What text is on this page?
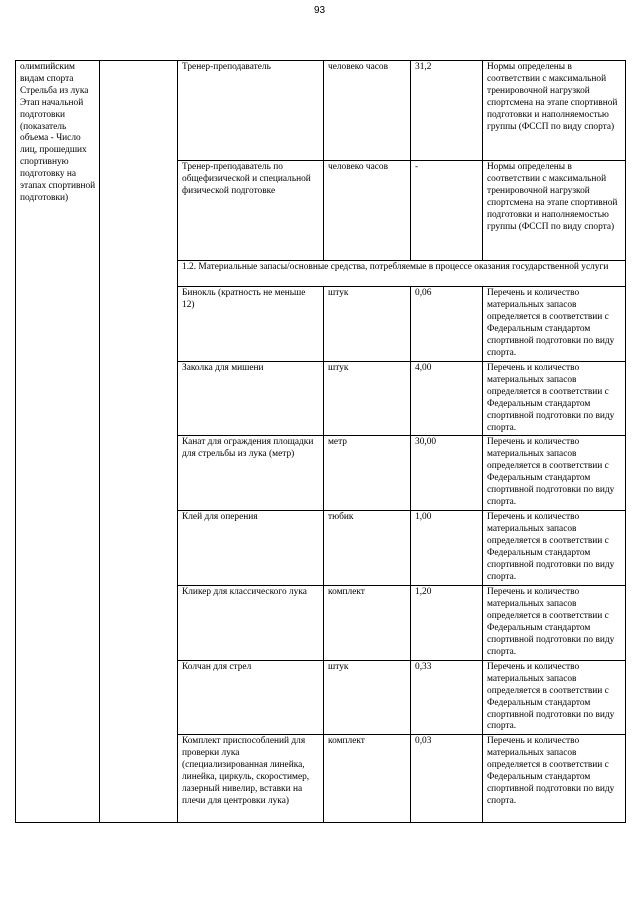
93
олимпийским видам спорта Стрельба из лука Этап начальной подготовки (показатель объема - Число лиц, прошедших спортивную подготовку на этапах спортивной подготовки)		Тренер-преподаватель	человеко часов	31,2	Нормы определены в соответствии с максимальной тренировочной нагрузкой спортсмена на этапе спортивной подготовки и наполняемостью группы (ФССП по виду спорта)
		Тренер-преподаватель по общефизической и специальной физической подготовке	человеко часов	-	Нормы определены в соответствии с максимальной тренировочной нагрузкой спортсмена на этапе спортивной подготовки и наполняемостью группы (ФССП по виду спорта)
		1.2. Материальные запасы/основные средства, потребляемые в процессе оказания государственной услуги			
		Бинокль (кратность не меньше 12)	штук	0,06	Перечень и количество материальных запасов определяется в соответствии с Федеральным стандартом спортивной подготовки по виду спорта.
		Заколка для мишени	штук	4,00	Перечень и количество материальных запасов определяется в соответствии с Федеральным стандартом спортивной подготовки по виду спорта.
		Канат для ограждения площадки для стрельбы из лука (метр)	метр	30,00	Перечень и количество материальных запасов определяется в соответствии с Федеральным стандартом спортивной подготовки по виду спорта.
		Клей для оперения	тюбик	1,00	Перечень и количество материальных запасов определяется в соответствии с Федеральным стандартом спортивной подготовки по виду спорта.
		Кликер для классического лука	комплект	1,20	Перечень и количество материальных запасов определяется в соответствии с Федеральным стандартом спортивной подготовки по виду спорта.
		Колчан для стрел	штук	0,33	Перечень и количество материальных запасов определяется в соответствии с Федеральным стандартом спортивной подготовки по виду спорта.
		Комплект приспособлений для проверки лука (специализированная линейка, линейка, циркуль, скоростимер, лазерный нивелир, вставки на плечи для центровки лука)	комплект	0,03	Перечень и количество материальных запасов определяется в соответствии с Федеральным стандартом спортивной подготовки по виду спорта.
